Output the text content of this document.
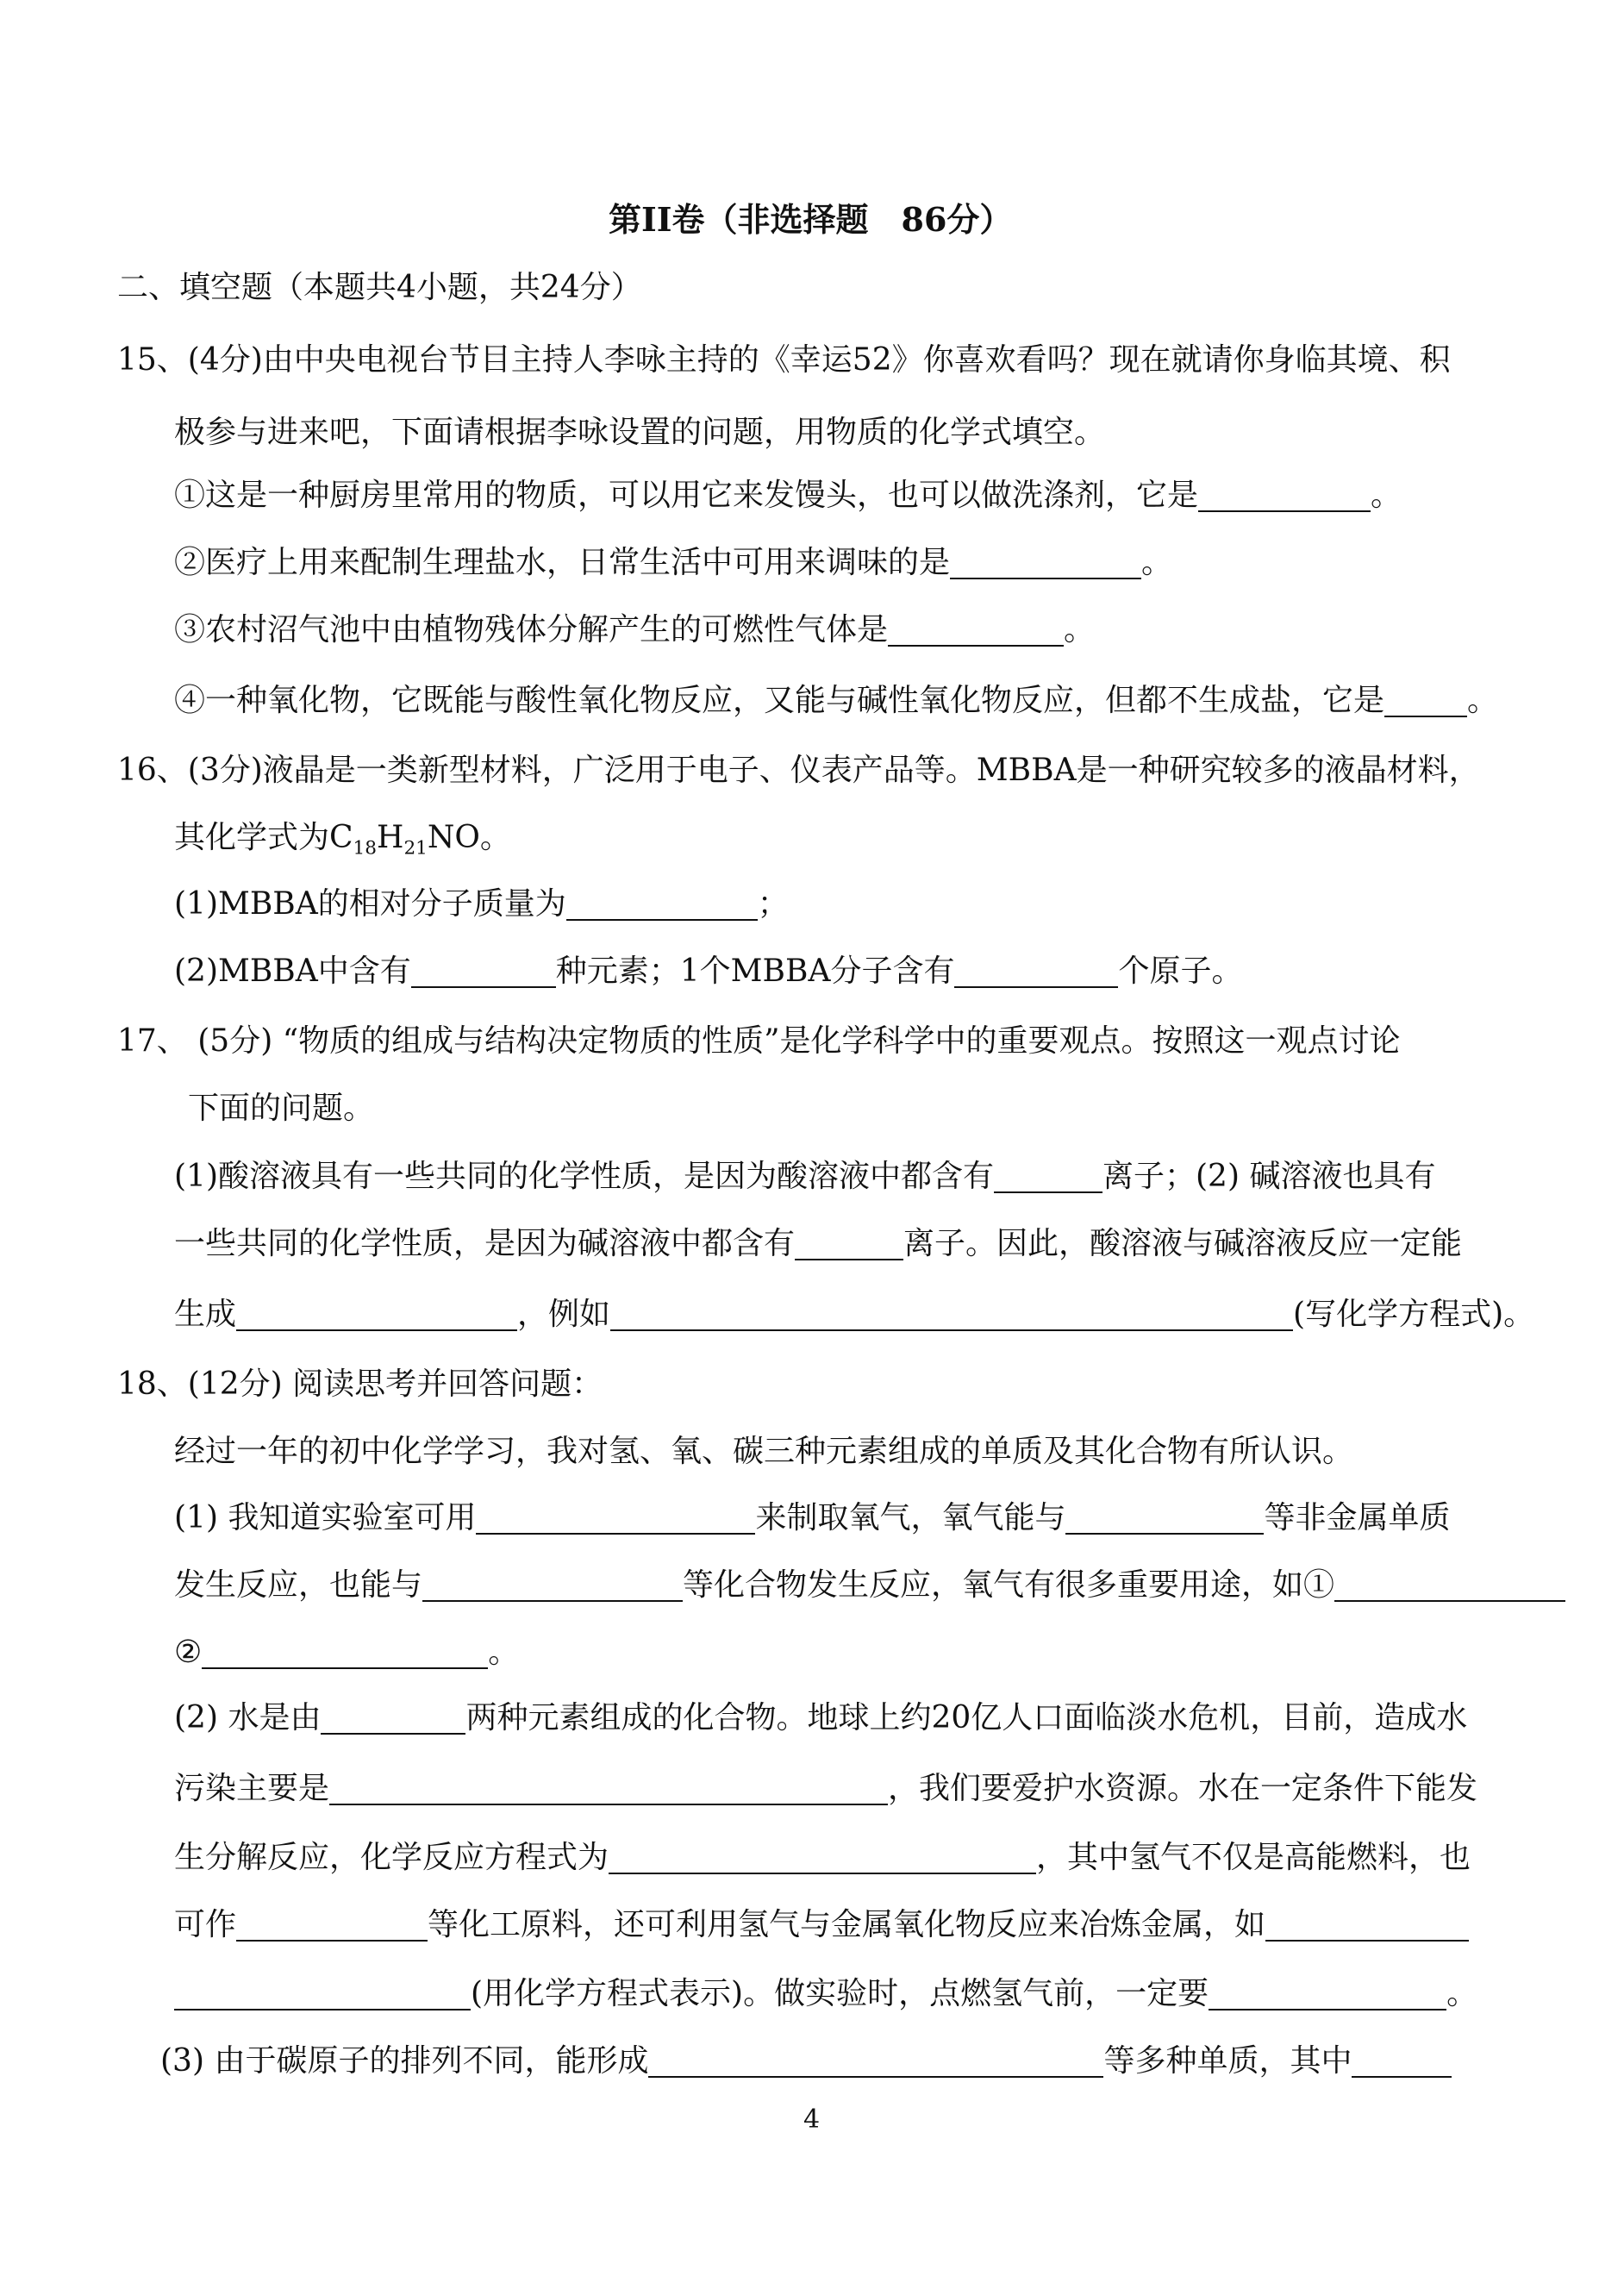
第II卷（非选择题　86分）
二、填空题（本题共4小题，共24分）
15、(4分)由中央电视台节目主持人李咏主持的《幸运52》你喜欢看吗？现在就请你身临其境、积
极参与进来吧，下面请根据李咏设置的问题，用物质的化学式填空。
①这是一种厨房里常用的物质，可以用它来发馒头，也可以做洗涤剂，它是	。
②医疗上用来配制生理盐水，日常生活中可用来调味的是	。
③农村沼气池中由植物残体分解产生的可燃性气体是	。
④一种氧化物，它既能与酸性氧化物反应，又能与碱性氧化物反应，但都不生成盐，它是	。
16、(3分)液晶是一类新型材料，广泛用于电子、仪表产品等。MBBA是一种研究较多的液晶材料，
其化学式为$C_{18}H_{21}NO$。
(1)MBBA的相对分子质量为	；
(2)MBBA中含有	种元素；1个MBBA分子含有	个原子。
17、 (5分) “物质的组成与结构决定物质的性质”是化学科学中的重要观点。按照这一观点讨论
下面的问题。
(1)酸溶液具有一些共同的化学性质，是因为酸溶液中都含有	离子；(2) 碱溶液也具有
一些共同的化学性质，是因为碱溶液中都含有	离子。因此，酸溶液与碱溶液反应一定能
生成	，例如	(写化学方程式)。
18、(12分) 阅读思考并回答问题：
经过一年的初中化学学习，我对氢、氧、碳三种元素组成的单质及其化合物有所认识。
(1) 我知道实验室可用	来制取氧气，氧气能与	等非金属单质
发生反应，也能与	等化合物发生反应，氧气有很多重要用途，如①
②	。
(2) 水是由	两种元素组成的化合物。地球上约20亿人口面临淡水危机，目前，造成水
污染主要是	，我们要爱护水资源。水在一定条件下能发
生分解反应，化学反应方程式为	，其中氢气不仅是高能燃料，也
可作	等化工原料，还可利用氢气与金属氧化物反应来冶炼金属，如
(用化学方程式表示)。做实验时，点燃氢气前，一定要	。
(3) 由于碳原子的排列不同，能形成	等多种单质，其中
4
